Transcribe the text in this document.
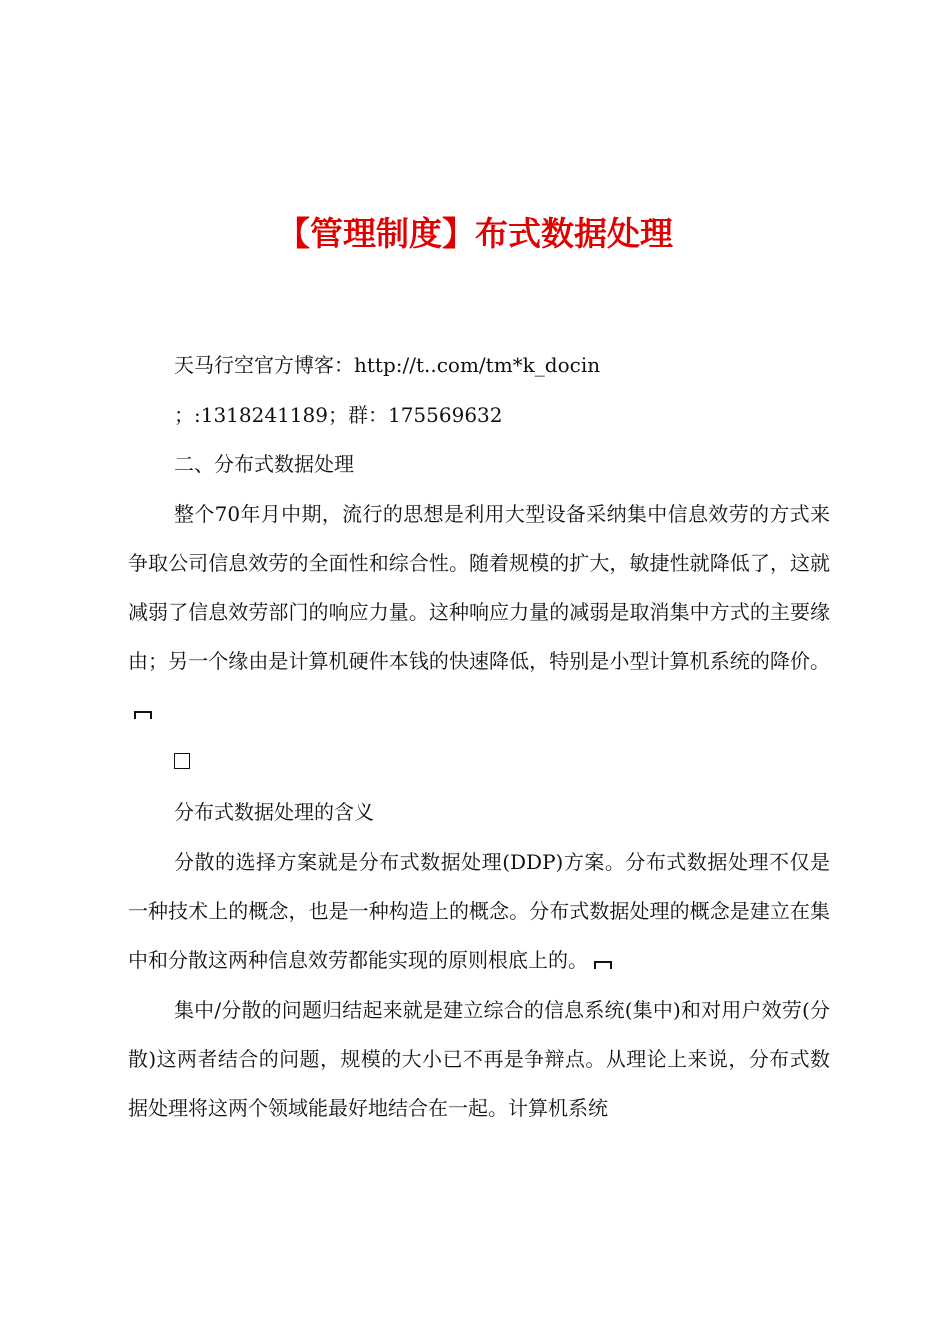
【管理制度】布式数据处理

天马行空官方博客：http://t..com/tm*k_docin

；:1318241189；群：175569632

二、分布式数据处理

整个70年月中期，流行的思想是利用大型设备采纳集中信息效劳的方式来争取公司信息效劳的全面性和综合性。随着规模的扩大，敏捷性就降低了，这就减弱了信息效劳部门的响应力量。这种响应力量的减弱是取消集中方式的主要缘由；另一个缘由是计算机硬件本钱的快速降低，特别是小型计算机系统的降价。

分布式数据处理的含义

分散的选择方案就是分布式数据处理(DDP)方案。分布式数据处理不仅是一种技术上的概念，也是一种构造上的概念。分布式数据处理的概念是建立在集中和分散这两种信息效劳都能实现的原则根底上的。
集中/分散的问题归结起来就是建立综合的信息系统(集中)和对用户效劳(分散)这两者结合的问题，规模的大小已不再是争辩点。从理论上来说，分布式数据处理将这两个领域能最好地结合在一起。计算机系统
